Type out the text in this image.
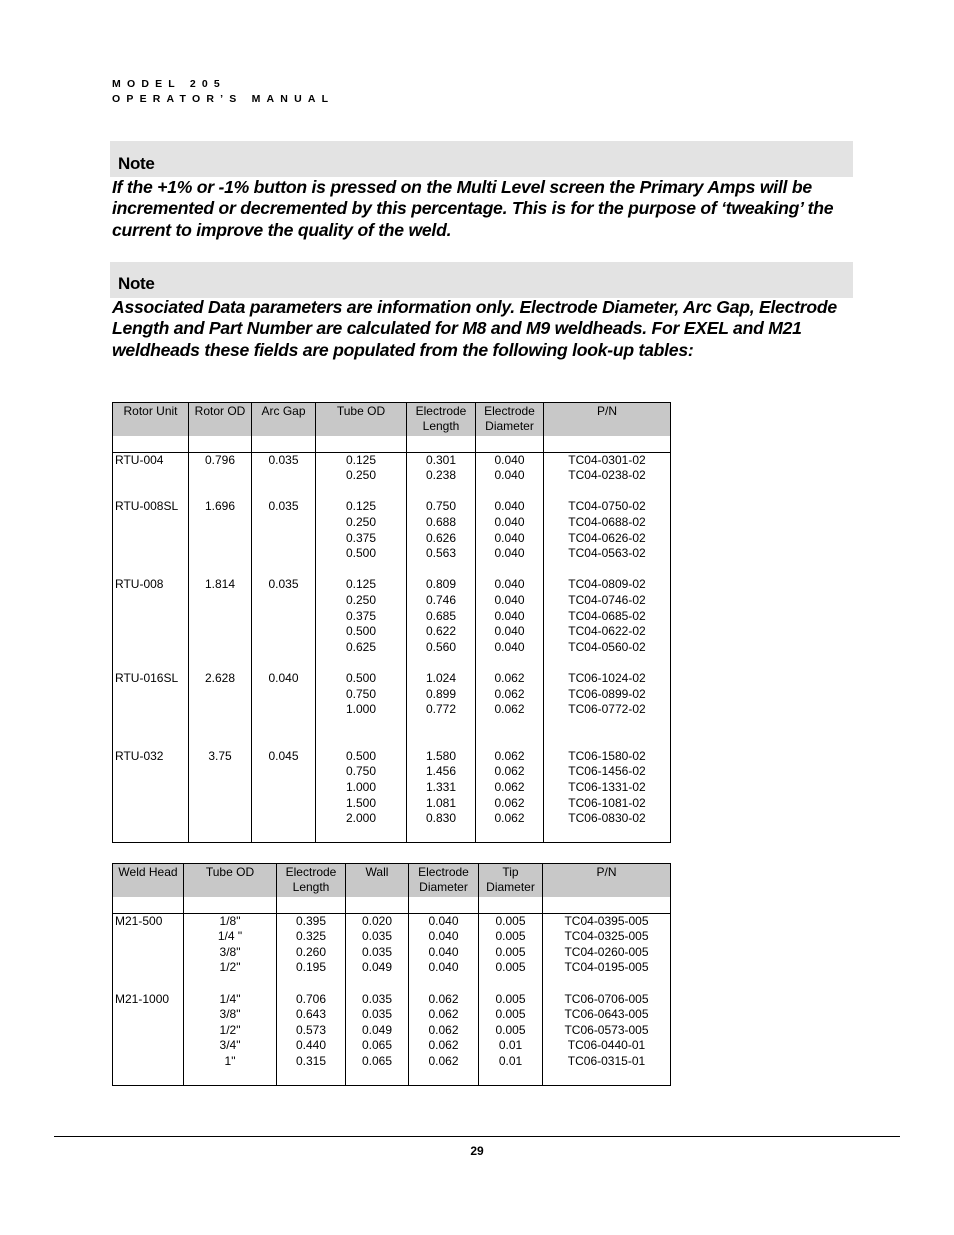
MODEL 205
OPERATOR’S MANUAL
Note
If the +1% or -1% button is pressed on the Multi Level screen the Primary Amps will be incremented or decremented by this percentage. This is for the purpose of ‘tweaking’ the current to improve the quality of the weld.
Note
Associated Data parameters are information only. Electrode Diameter, Arc Gap, Electrode Length and Part Number are calculated for M8 and M9 weldheads. For EXEL and M21 weldheads these fields are populated from the following look-up tables:
Rotor Unit	Rotor OD	Arc Gap	Tube OD	Electrode Length	Electrode Diameter	P/N

RTU-004	0.796	0.035	0.125	0.301	0.040	TC04-0301-02
			0.250	0.238	0.040	TC04-0238-02

RTU-008SL	1.696	0.035	0.125	0.750	0.040	TC04-0750-02
			0.250	0.688	0.040	TC04-0688-02
			0.375	0.626	0.040	TC04-0626-02
			0.500	0.563	0.040	TC04-0563-02

RTU-008	1.814	0.035	0.125	0.809	0.040	TC04-0809-02
			0.250	0.746	0.040	TC04-0746-02
			0.375	0.685	0.040	TC04-0685-02
			0.500	0.622	0.040	TC04-0622-02
			0.625	0.560	0.040	TC04-0560-02

RTU-016SL	2.628	0.040	0.500	1.024	0.062	TC06-1024-02
			0.750	0.899	0.062	TC06-0899-02
			1.000	0.772	0.062	TC06-0772-02

RTU-032	3.75	0.045	0.500	1.580	0.062	TC06-1580-02
			0.750	1.456	0.062	TC06-1456-02
			1.000	1.331	0.062	TC06-1331-02
			1.500	1.081	0.062	TC06-1081-02
			2.000	0.830	0.062	TC06-0830-02

Weld Head	Tube OD	Electrode Length	Wall	Electrode Diameter	Tip Diameter	P/N

M21-500	1/8"	0.395	0.020	0.040	0.005	TC04-0395-005
	1/4 "	0.325	0.035	0.040	0.005	TC04-0325-005
	3/8"	0.260	0.035	0.040	0.005	TC04-0260-005
	1/2"	0.195	0.049	0.040	0.005	TC04-0195-005

M21-1000	1/4"	0.706	0.035	0.062	0.005	TC06-0706-005
	3/8"	0.643	0.035	0.062	0.005	TC06-0643-005
	1/2"	0.573	0.049	0.062	0.005	TC06-0573-005
	3/4"	0.440	0.065	0.062	0.01	TC06-0440-01
	1"	0.315	0.065	0.062	0.01	TC06-0315-01

29
